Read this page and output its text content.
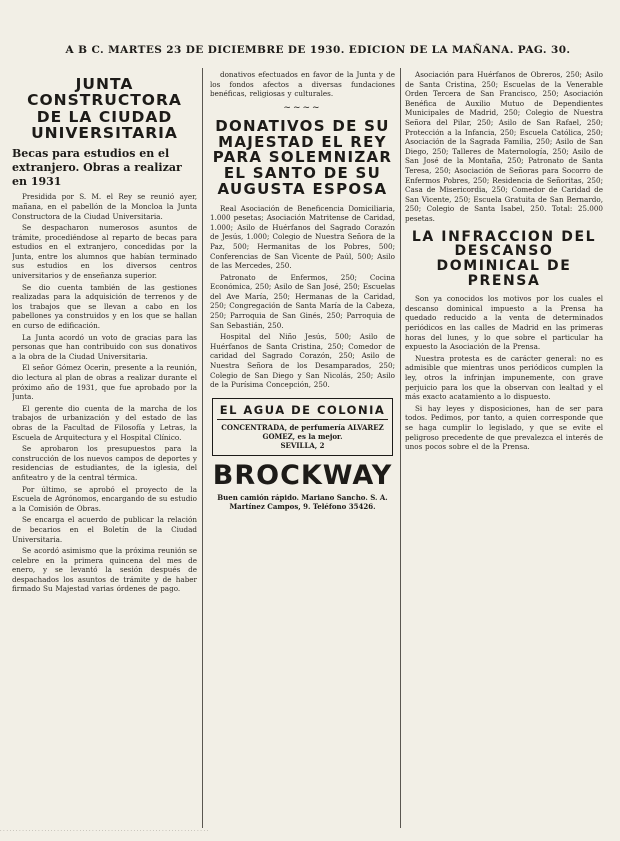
A B C. MARTES 23 DE DICIEMBRE DE 1930. EDICION DE LA MAÑANA. PAG. 30.
JUNTA CONSTRUCTORA DE LA CIUDAD UNIVERSITARIA
Becas para estudios en el extranjero. Obras a realizar en 1931

Presidida por S. M. el Rey se reunió ayer, mañana, en el pabellón de la Moncloa la Junta Constructora de la Ciudad Universitaria.

Se despacharon numerosos asuntos de trámite, procediéndose al reparto de becas para estudios en el extranjero, concedidas por la Junta, entre los alumnos que habían terminado sus estudios en los diversos centros universitarios y de enseñanza superior.

Se dio cuenta también de las gestiones realizadas para la adquisición de terrenos y de los trabajos que se llevan a cabo en los pabellones ya construidos y en los que se hallan en curso de edificación.

La Junta acordó un voto de gracias para las personas que han contribuido con sus donativos a la obra de la Ciudad Universitaria.

El señor Gómez Ocerin, presente a la reunión, dio lectura al plan de obras a realizar durante el próximo año de 1931, que fue aprobado por la Junta.

El gerente dio cuenta de la marcha de los trabajos de urbanización y del estado de las obras de la Facultad de Filosofía y Letras, la Escuela de Arquitectura y el Hospital Clínico.

Se aprobaron los presupuestos para la construcción de los nuevos campos de deportes y residencias de estudiantes, de la iglesia, del anfiteatro y de la central térmica.

Por último, se aprobó el proyecto de la Escuela de Agrónomos, encargando de su estudio a la Comisión de Obras.

Se encarga el acuerdo de publicar la relación de becarios en el Boletín de la Ciudad Universitaria.

Se acordó asimismo que la próxima reunión se celebre en la primera quincena del mes de enero, y se levantó la sesión después de despachados los asuntos de trámite y de haber firmado Su Majestad varias órdenes de pago.

donativos efectuados en favor de la Junta y de los fondos afectos a diversas fundaciones benéficas, religiosas y culturales.

~~~~
DONATIVOS DE SU MAJESTAD EL REY PARA SOLEMNIZAR EL SANTO DE SU AUGUSTA ESPOSA

Real Asociación de Beneficencia Domiciliaria, 1.000 pesetas; Asociación Matritense de Caridad, 1.000; Asilo de Huérfanos del Sagrado Corazón de Jesús, 1.000; Colegio de Nuestra Señora de la Paz, 500; Hermanitas de los Pobres, 500; Conferencias de San Vicente de Paúl, 500; Asilo de las Mercedes, 250.

Patronato de Enfermos, 250; Cocina Económica, 250; Asilo de San José, 250; Escuelas del Ave María, 250; Hermanas de la Caridad, 250; Congregación de Santa María de la Cabeza, 250; Parroquia de San Ginés, 250; Parroquia de San Sebastián, 250.

Hospital del Niño Jesús, 500; Asilo de Huérfanos de Santa Cristina, 250; Comedor de caridad del Sagrado Corazón, 250; Asilo de Nuestra Señora de los Desamparados, 250; Colegio de San Diego y San Nicolás, 250; Asilo de la Purísima Concepción, 250.

EL AGUA DE COLONIA
CONCENTRADA, de perfumería ALVAREZ GOMEZ, es la mejor.
SEVILLA, 2
BROCKWAY
Buen camión rápido. Mariano Sancho. S. A. Martínez Campos, 9. Teléfono 35426.

Asociación para Huérfanos de Obreros, 250; Asilo de Santa Cristina, 250; Escuelas de la Venerable Orden Tercera de San Francisco, 250; Asociación Benéfica de Auxilio Mutuo de Dependientes Municipales de Madrid, 250; Colegio de Nuestra Señora del Pilar, 250; Asilo de San Rafael, 250; Protección a la Infancia, 250; Escuela Católica, 250; Asociación de la Sagrada Familia, 250; Asilo de San Diego, 250; Talleres de Maternología, 250; Asilo de San José de la Montaña, 250; Patronato de Santa Teresa, 250; Asociación de Señoras para Socorro de Enfermos Pobres, 250; Residencia de Señoritas, 250; Casa de Misericordia, 250; Comedor de Caridad de San Vicente, 250; Escuela Gratuita de San Bernardo, 250; Colegio de Santa Isabel, 250. Total: 25.000 pesetas.

LA INFRACCION DEL DESCANSO DOMINICAL DE PRENSA

Son ya conocidos los motivos por los cuales el descanso dominical impuesto a la Prensa ha quedado reducido a la venta de determinados periódicos en las calles de Madrid en las primeras horas del lunes, y lo que sobre el particular ha expuesto la Asociación de la Prensa.

Nuestra protesta es de carácter general: no es admisible que mientras unos periódicos cumplen la ley, otros la infrinjan impunemente, con grave perjuicio para los que la observan con lealtad y el más exacto acatamiento a lo dispuesto.

Si hay leyes y disposiciones, han de ser para todos. Pedimos, por tanto, a quien corresponde que se haga cumplir lo legislado, y que se evite el peligroso precedente de que prevalezca el interés de unos pocos sobre el de la Prensa.

· · · · · · · · · · · · · · · · · · · · · · · · · · · · · · · · · · · · · · · · · · · · · · · · · · · · · · · · · · · · · · · · · ·
